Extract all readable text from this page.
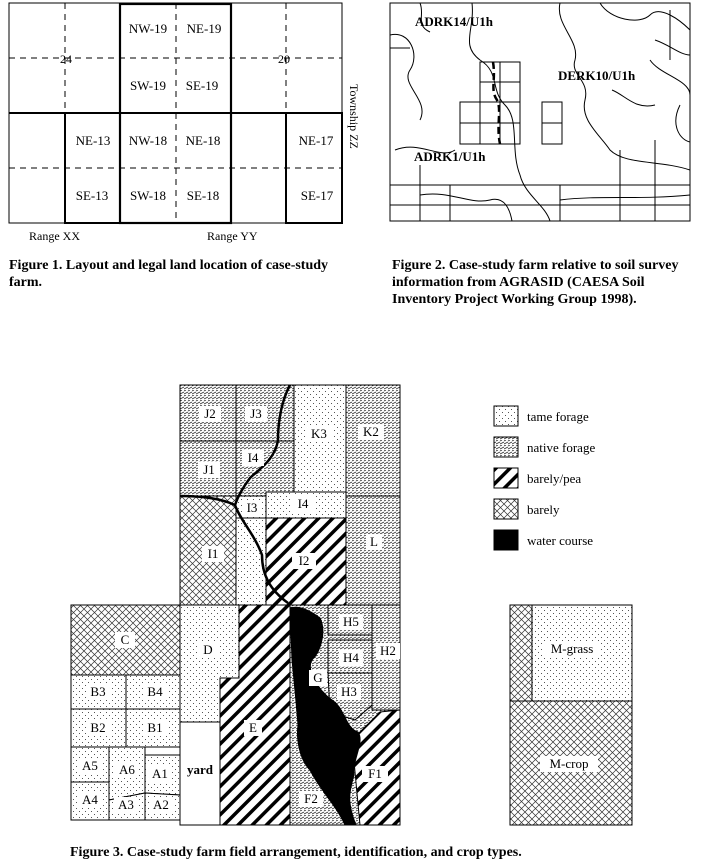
NW-19 NE-19
SW-19 SE-19
NE-13 NW-18 NE-18	NE-17
SE-13 SW-18 SE-18	SE-17
24	20
Township ZZ
Range XX	Range YY
ADRK14/U1h
DERK10/U1h
ADRK1/U1h
J2	J3
J1
I4
K3	K2
I3	I4
I1	I2
L
C
D
H5
H4 H2
G
H3
B3	B4
B2	B1	E
A5 A6 A1
A4 A3 A2
yard	F1
F2
M-grass
M-crop
tame forage
native forage
barely/pea
barely
water course

Figure 1. Layout and legal land location of case-study farm.

Figure 2. Case-study farm relative to soil survey information from AGRASID (CAESA Soil Inventory Project Working Group 1998).

Figure 3. Case-study farm field arrangement, identification, and crop types.
